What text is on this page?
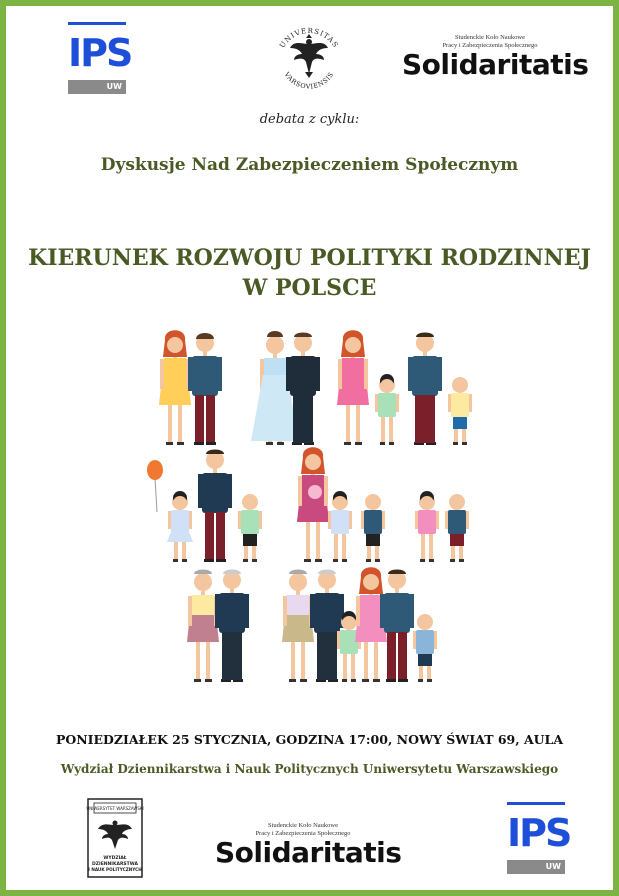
IPS
UW
UNIVERSITAS
VARSOVIENSIS
Studenckie Koło Naukowe
Pracy i Zabezpieczenia Społecznego
Solidaritatis
debata z cyklu:
Dyskusje Nad Zabezpieczeniem Społecznym
KIERUNEK ROZWOJU POLITYKI RODZINNEJ W POLSCE
PONIEDZIAŁEK 25 STYCZNIA, GODZINA 17:00, NOWY ŚWIAT 69, AULA
Wydział Dziennikarstwa i Nauk Politycznych Uniwersytetu Warszawskiego
UNIWERSYTET WARSZAWSKI
WYDZIAŁ
DZIENNIKARSTWA
I NAUK POLITYCZNYCH
Studenckie Koło Naukowe
Pracy i Zabezpieczenia Społecznego
Solidaritatis	IPS
UW
